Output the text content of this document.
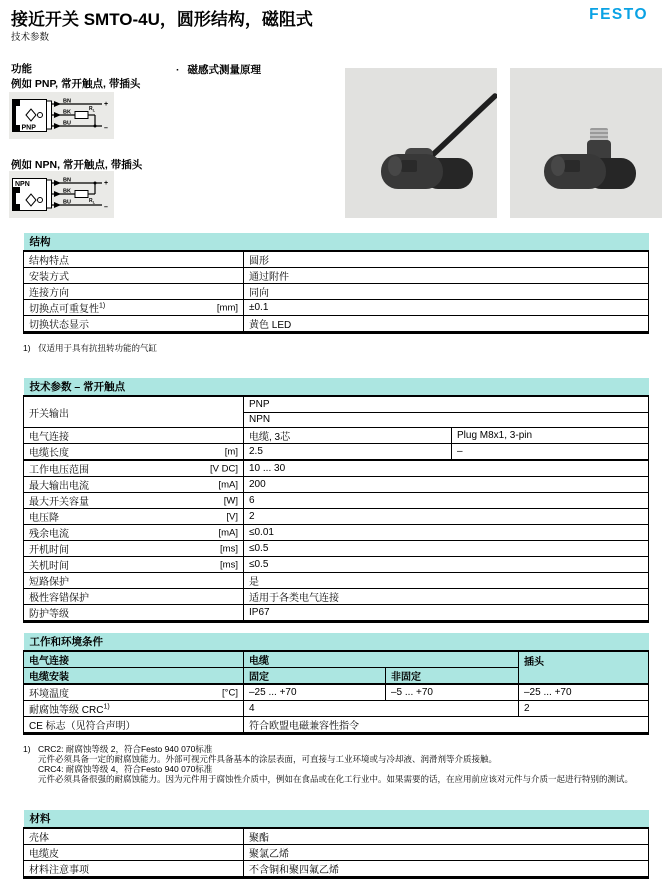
接近开关 SMTO-4U，圆形结构，磁阻式
技术参数
FESTO
功能	· 磁感式测量原理
例如 PNP, 常开触点, 带插头
PNP
BN	+
BK
$R_L$
BU
–
例如 NPN, 常开触点, 带插头
NPN
BN	+
BK
$R_L$
BU
–
结构	
结构特点	圆形
安装方式	通过附件
连接方向	同向
切换点可重复性$^{1)}$ [mm]	±0.1
切换状态显示	黄色 LED
1) 仅适用于具有抗扭转功能的气缸
技术参数 – 常开触点		
开关输出	PNP	
	NPN	
电气连接	电缆, 3芯	Plug M8x1, 3-pin
电缆长度 [m]	2.5	–
工作电压范围 [V DC]	10 ... 30	
最大输出电流 [mA]	200	
最大开关容量 [W]	6	
电压降 [V]	2	
残余电流 [mA]	≤0.01	
开机时间 [ms]	≤0.5	
关机时间 [ms]	≤0.5	
短路保护	是	
极性容错保护	适用于各类电气连接	
防护等级	IP67	
工作和环境条件			
电气连接	电缆		插头
电缆安装	固定	非固定	
环境温度 [°C]	–25 ... +70	–5 ... +70	–25 ... +70
耐腐蚀等级 CRC$^{1)}$	4		2
CE 标志（见符合声明）	符合欧盟电磁兼容性指令		
1) CRC2: 耐腐蚀等级 2，符合Festo 940 070标准
元件必须具备一定的耐腐蚀能力。外部可视元件具备基本的涂层表面，可直接与工业环境或与冷却液、润滑剂等介质接触。
CRC4: 耐腐蚀等级 4，符合Festo 940 070标准
元件必须具备很强的耐腐蚀能力。因为元件用于腐蚀性介质中，例如在食品或在化工行业中。如果需要的话，在应用前应该对元件与介质一起进行特别的测试。
材料	
壳体	聚酯
电缆皮	聚氯乙烯
材料注意事项	不含铜和聚四氟乙烯
